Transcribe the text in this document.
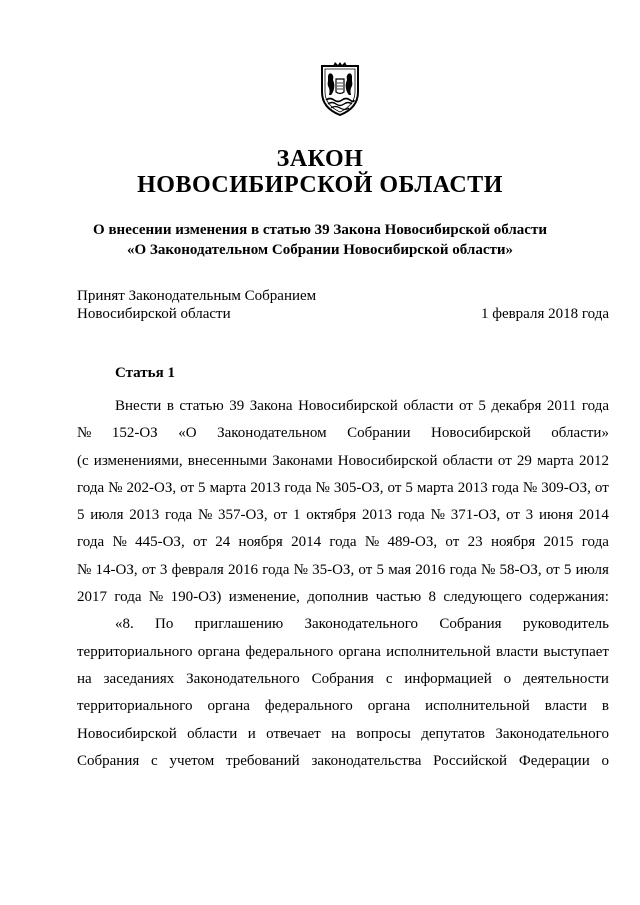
ЗАКОН
НОВОСИБИРСКОЙ ОБЛАСТИ

О внесении изменения в статью 39 Закона Новосибирской области

«О Законодательном Собрании Новосибирской области»

Принят Законодательным Собранием
Новосибирской области	1 февраля 2018 года

Статья 1

Внести в статью 39 Закона Новосибирской области от 5 декабря 2011 года
№ 152-ОЗ «О Законодательном Собрании Новосибирской области»
(с изменениями, внесенными Законами Новосибирской области от 29 марта 2012
года № 202-ОЗ, от 5 марта 2013 года № 305-ОЗ, от 5 марта 2013 года № 309-ОЗ, от
5 июля 2013 года № 357-ОЗ, от 1 октября 2013 года № 371-ОЗ, от 3 июня 2014
года № 445-ОЗ, от 24 ноября 2014 года № 489-ОЗ, от 23 ноября 2015 года
№ 14-ОЗ, от 3 февраля 2016 года № 35-ОЗ, от 5 мая 2016 года № 58-ОЗ, от 5 июля
2017 года № 190-ОЗ) изменение, дополнив частью 8 следующего содержания:
«8. По приглашению Законодательного Собрания руководитель
территориального органа федерального органа исполнительной власти выступает
на заседаниях Законодательного Собрания с информацией о деятельности
территориального органа федерального органа исполнительной власти в
Новосибирской области и отвечает на вопросы депутатов Законодательного
Собрания с учетом требований законодательства Российской Федерации о
